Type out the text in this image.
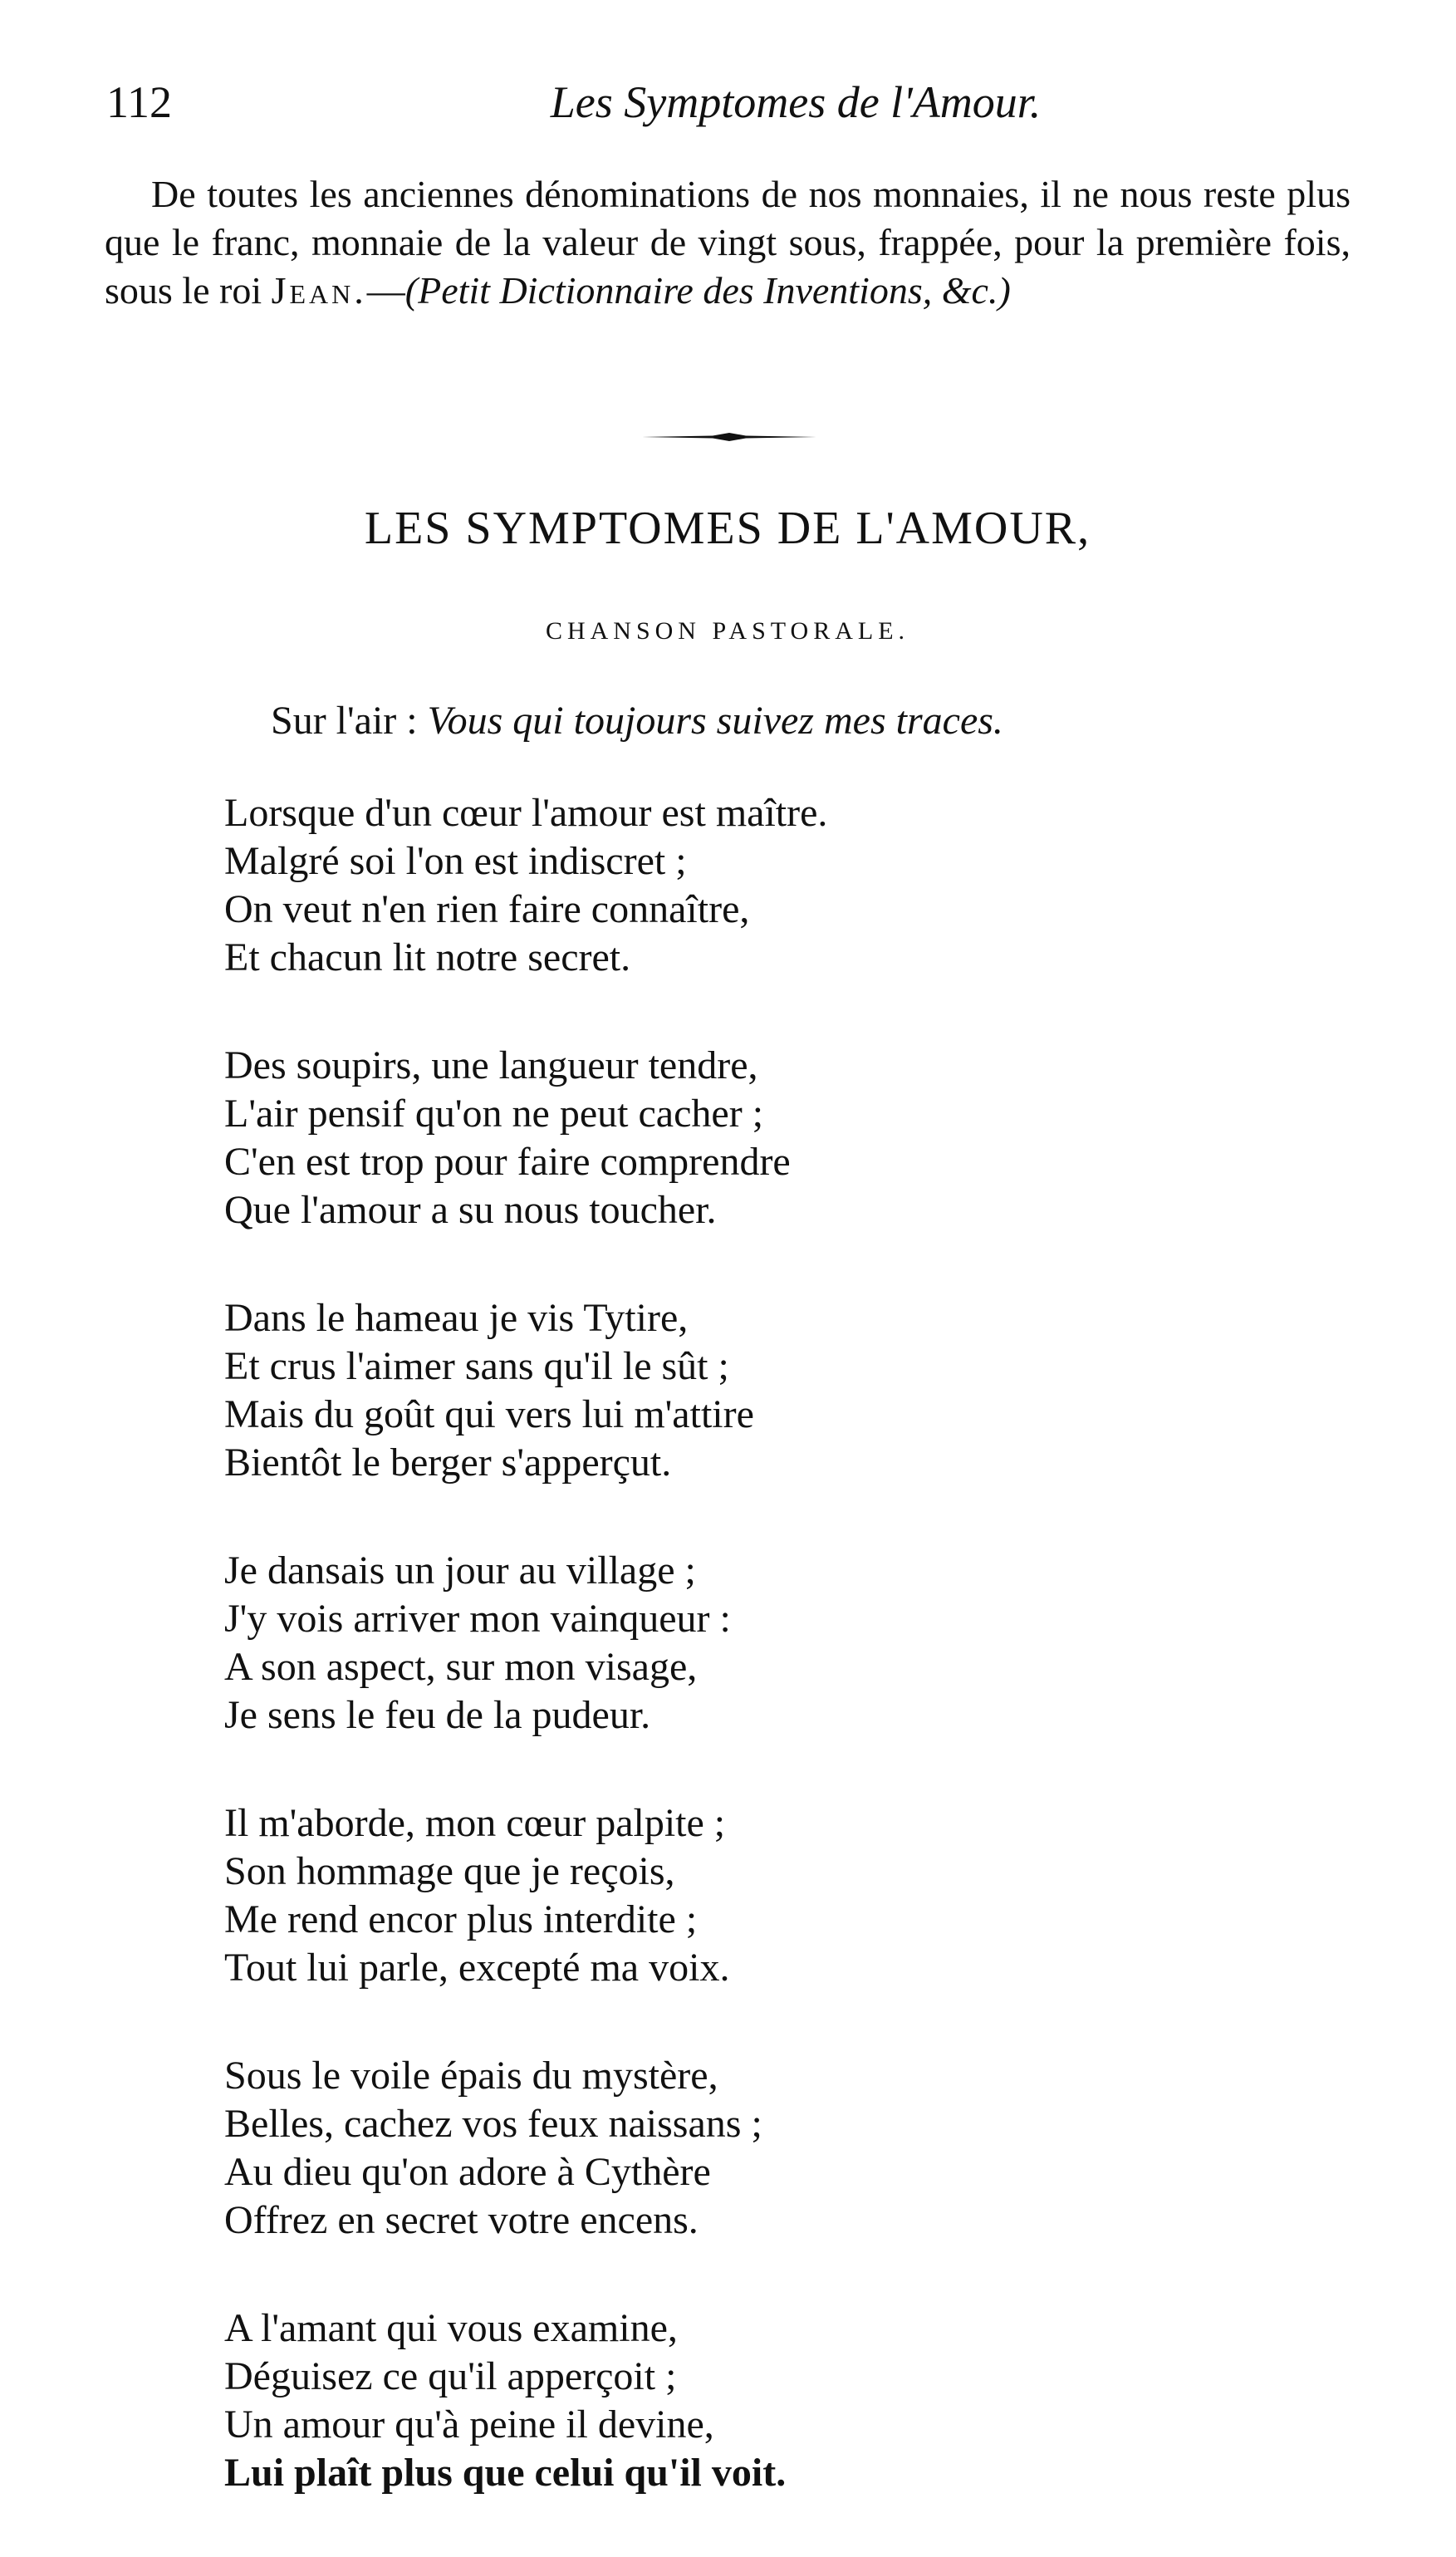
112	Les Symptomes de l'Amour.

De toutes les anciennes dénominations de nos monnaies, il ne nous reste plus que le franc, monnaie de la valeur de vingt sous, frappée, pour la première fois, sous le roi Jean.—(Petit Dictionnaire des Inventions, &c.)

LES SYMPTOMES DE L'AMOUR,
CHANSON PASTORALE.

Sur l'air : Vous qui toujours suivez mes traces.

Lorsque d'un cœur l'amour est maître.
Malgré soi l'on est indiscret ;
On veut n'en rien faire connaître,
Et chacun lit notre secret.
Des soupirs, une langueur tendre,
L'air pensif qu'on ne peut cacher ;
C'en est trop pour faire comprendre
Que l'amour a su nous toucher.
Dans le hameau je vis Tytire,
Et crus l'aimer sans qu'il le sût ;
Mais du goût qui vers lui m'attire
Bientôt le berger s'apperçut.
Je dansais un jour au village ;
J'y vois arriver mon vainqueur :
A son aspect, sur mon visage,
Je sens le feu de la pudeur.
Il m'aborde, mon cœur palpite ;
Son hommage que je reçois,
Me rend encor plus interdite ;
Tout lui parle, excepté ma voix.
Sous le voile épais du mystère,
Belles, cachez vos feux naissans ;
Au dieu qu'on adore à Cythère
Offrez en secret votre encens.
A l'amant qui vous examine,
Déguisez ce qu'il apperçoit ;
Un amour qu'à peine il devine,
Lui plaît plus que celui qu'il voit.
